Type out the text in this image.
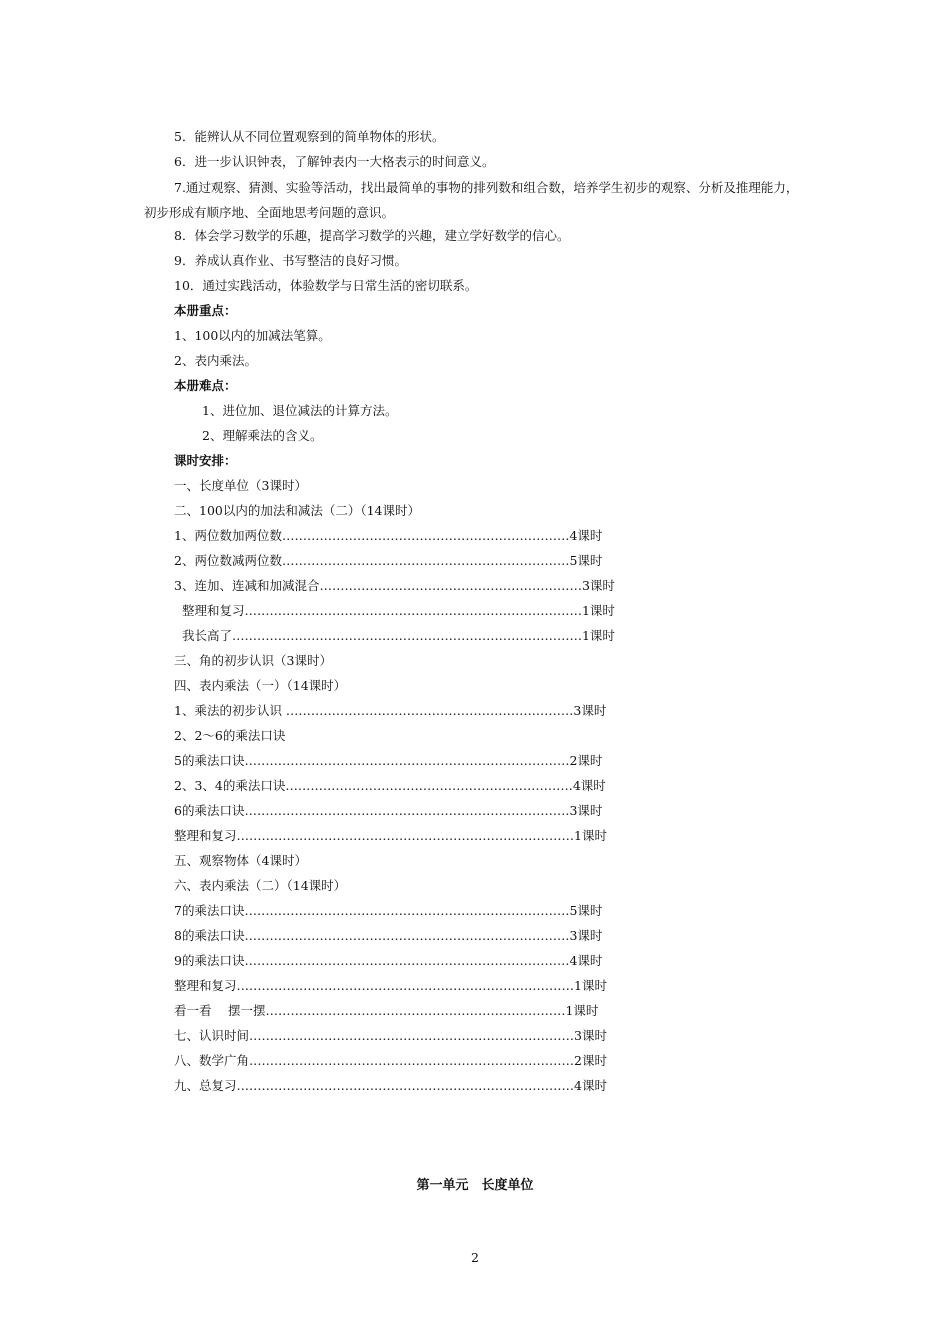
5．能辨认从不同位置观察到的简单物体的形状。
6．进一步认识钟表，了解钟表内一大格表示的时间意义。
7.通过观察、猜测、实验等活动，找出最简单的事物的排列数和组合数，培养学生初步的观察、分析及推理能力，初步形成有顺序地、全面地思考问题的意识。
8．体会学习数学的乐趣，提高学习数学的兴趣，建立学好数学的信心。
9．养成认真作业、书写整洁的良好习惯。
10．通过实践活动，体验数学与日常生活的密切联系。
本册重点：
1、100以内的加减法笔算。
2、表内乘法。
本册难点：
1、进位加、退位减法的计算方法。
2、理解乘法的含义。
课时安排：
一、长度单位（3课时）
二、100以内的加法和减法（二）（14课时）
1、两位数加两位数……………………………………………………………4课时
2、两位数减两位数……………………………………………………………5课时
3、连加、连减和加减混合………………………………………………………3课时
整理和复习………………………………………………………………………1课时
我长高了…………………………………………………………………………1课时
三、角的初步认识（3课时）
四、表内乘法（一）（14课时）
1、乘法的初步认识 ……………………………………………………………3课时
2、2～6的乘法口诀
5的乘法口诀……………………………………………………………………2课时
2、3、4的乘法口诀……………………………………………………………4课时
6的乘法口诀……………………………………………………………………3课时
整理和复习………………………………………………………………………1课时
五、观察物体（4课时）
六、表内乘法（二）（14课时）
7的乘法口诀……………………………………………………………………5课时
8的乘法口诀……………………………………………………………………3课时
9的乘法口诀……………………………………………………………………4课时
整理和复习………………………………………………………………………1课时
看一看　 摆一摆………………………………………………………………1课时
七、认识时间……………………………………………………………………3课时
八、数学广角……………………………………………………………………2课时
九、总复习………………………………………………………………………4课时
第一单元　长度单位
2
